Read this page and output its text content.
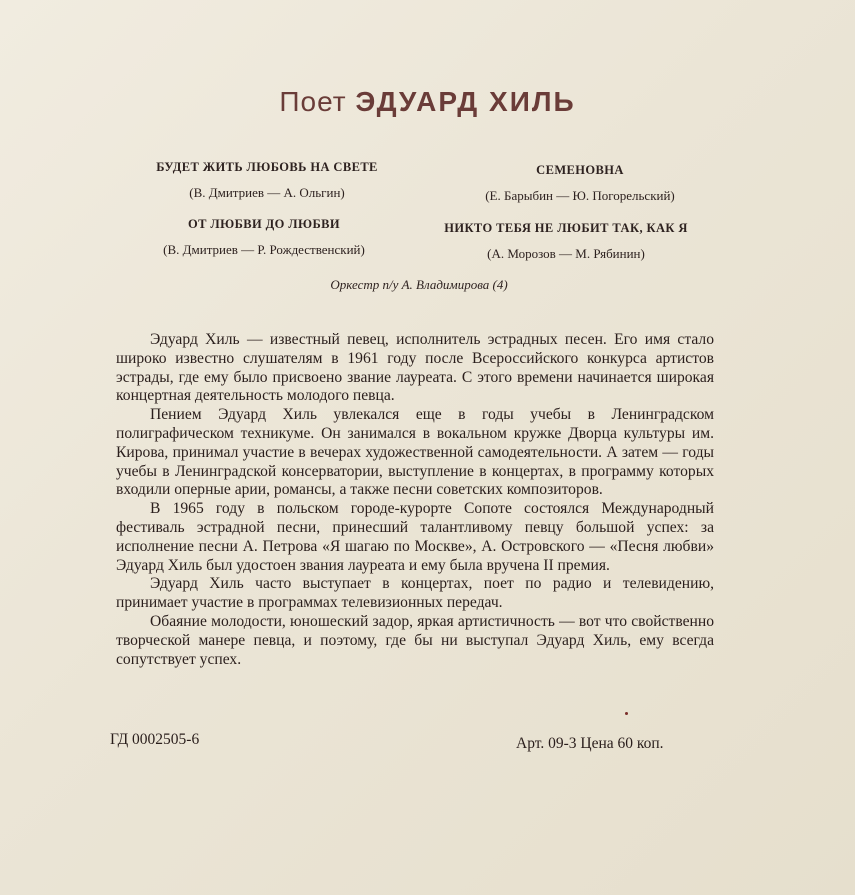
Поет ЭДУАРД ХИЛЬ
БУДЕТ ЖИТЬ ЛЮБОВЬ НА СВЕТЕ
(В. Дмитриев — А. Ольгин)
СЕМЕНОВНА
(Е. Барыбин — Ю. Погорельский)
ОТ ЛЮБВИ ДО ЛЮБВИ
(В. Дмитриев — Р. Рождественский)
НИКТО ТЕБЯ НЕ ЛЮБИТ ТАК, КАК Я
(А. Морозов — М. Рябинин)
Оркестр п/у А. Владимирова (4)

Эдуард Хиль — известный певец, исполнитель эстрадных песен. Его имя стало широко известно слушателям в 1961 году после Всероссийского конкурса артистов эстрады, где ему было присвоено звание лауреата. С этого времени начинается широкая концертная деятельность молодого певца.

Пением Эдуард Хиль увлекался еще в годы учебы в Ленинградском полиграфическом техникуме. Он занимался в вокальном кружке Дворца культуры им. Кирова, принимал участие в вечерах художественной самодеятельности. А затем — годы учебы в Ленинградской консерватории, выступление в концертах, в программу которых входили оперные арии, романсы, а также песни советских композиторов.

В 1965 году в польском городе-курорте Сопоте состоялся Международный фестиваль эстрадной песни, принесший талантливому певцу большой успех: за исполнение песни А. Петрова «Я шагаю по Москве», А. Островского — «Песня любви» Эдуард Хиль был удостоен звания лауреата и ему была вручена II премия.

Эдуард Хиль часто выступает в концертах, поет по радио и телевидению, принимает участие в программах телевизионных передач.

Обаяние молодости, юношеский задор, яркая артистичность — вот что свойственно творческой манере певца, и поэтому, где бы ни выступал Эдуард Хиль, ему всегда сопутствует успех.

ГД 0002505-6	Арт. 09-3 Цена 60 коп.
